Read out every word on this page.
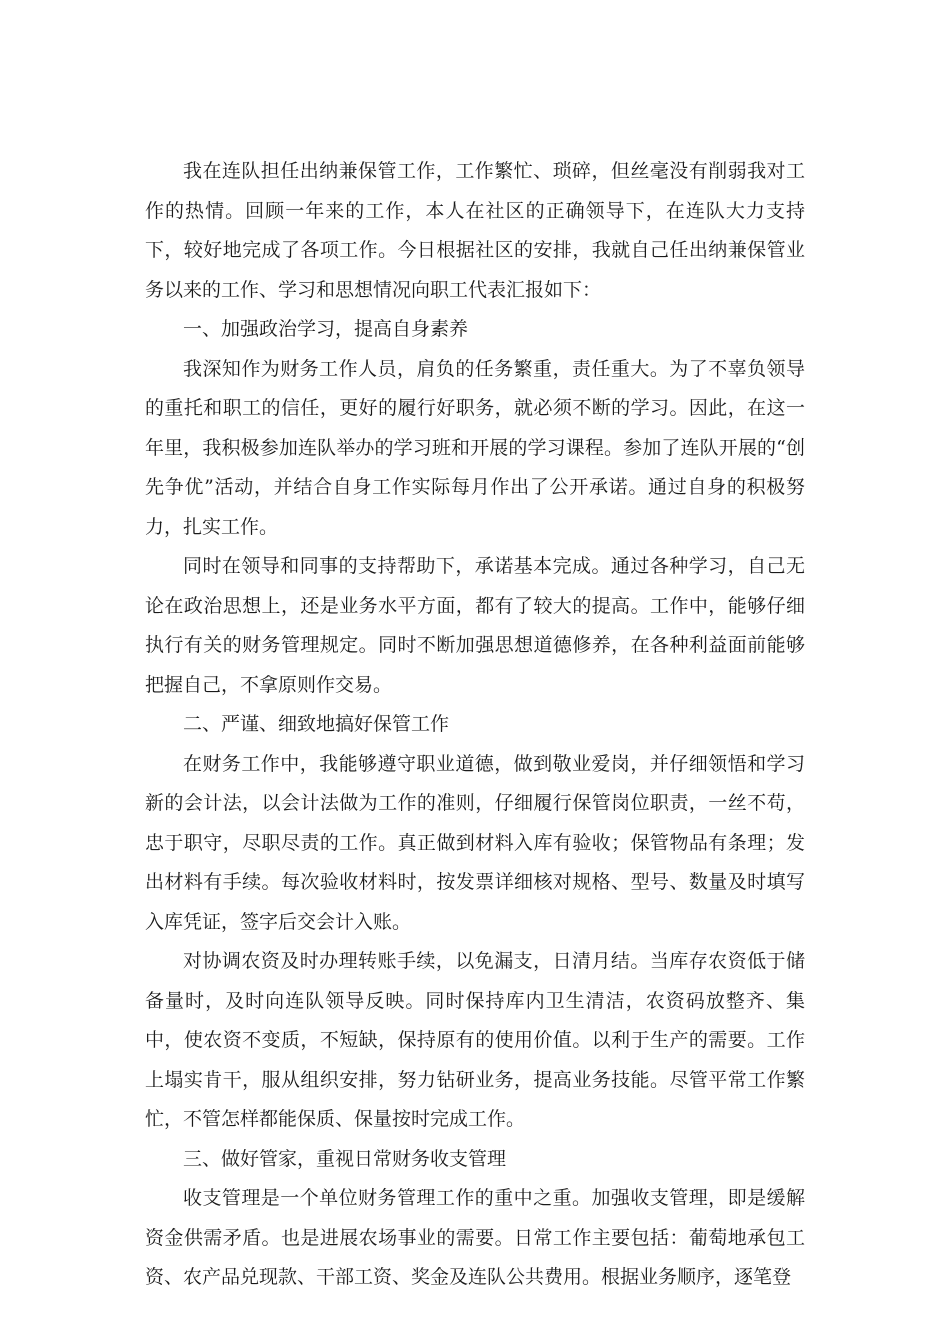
我在连队担任出纳兼保管工作，工作繁忙、琐碎，但丝毫没有削弱我对工作的热情。回顾一年来的工作，本人在社区的正确领导下，在连队大力支持下，较好地完成了各项工作。今日根据社区的安排，我就自己任出纳兼保管业务以来的工作、学习和思想情况向职工代表汇报如下：

一、加强政治学习，提高自身素养

我深知作为财务工作人员，肩负的任务繁重，责任重大。为了不辜负领导的重托和职工的信任，更好的履行好职务，就必须不断的学习。因此，在这一年里，我积极参加连队举办的学习班和开展的学习课程。参加了连队开展的“创先争优”活动，并结合自身工作实际每月作出了公开承诺。通过自身的积极努力，扎实工作。

同时在领导和同事的支持帮助下，承诺基本完成。通过各种学习，自己无论在政治思想上，还是业务水平方面，都有了较大的提高。工作中，能够仔细执行有关的财务管理规定。同时不断加强思想道德修养，在各种利益面前能够把握自己，不拿原则作交易。

二、严谨、细致地搞好保管工作

在财务工作中，我能够遵守职业道德，做到敬业爱岗，并仔细领悟和学习新的会计法，以会计法做为工作的准则，仔细履行保管岗位职责，一丝不苟，忠于职守，尽职尽责的工作。真正做到材料入库有验收；保管物品有条理；发出材料有手续。每次验收材料时，按发票详细核对规格、型号、数量及时填写入库凭证，签字后交会计入账。

对协调农资及时办理转账手续，以免漏支，日清月结。当库存农资低于储备量时，及时向连队领导反映。同时保持库内卫生清洁，农资码放整齐、集中，使农资不变质，不短缺，保持原有的使用价值。以利于生产的需要。工作上塌实肯干，服从组织安排，努力钻研业务，提高业务技能。尽管平常工作繁忙，不管怎样都能保质、保量按时完成工作。

三、做好管家，重视日常财务收支管理

收支管理是一个单位财务管理工作的重中之重。加强收支管理，即是缓解资金供需矛盾。也是进展农场事业的需要。日常工作主要包括：葡萄地承包工资、农产品兑现款、干部工资、奖金及连队公共费用。根据业务顺序，逐笔登
